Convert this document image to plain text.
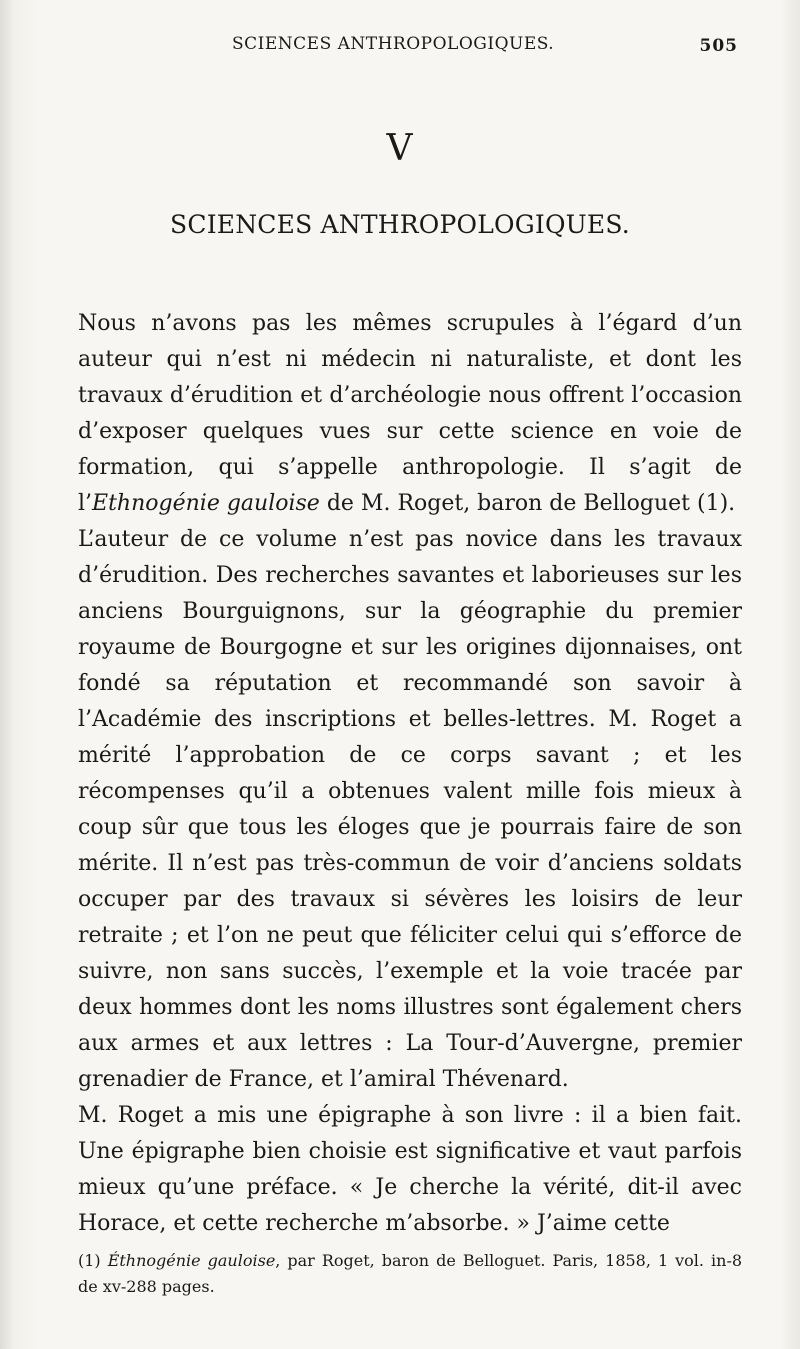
SCIENCES ANTHROPOLOGIQUES.	505
V
SCIENCES ANTHROPOLOGIQUES.

Nous n’avons pas les mêmes scrupules à l’égard d’un auteur qui n’est ni médecin ni naturaliste, et dont les travaux d’érudition et d’archéologie nous offrent l’occasion d’exposer quelques vues sur cette science en voie de formation, qui s’appelle anthropologie. Il s’agit de l’Ethnogénie gauloise de M. Roget, baron de Belloguet (1).

L’auteur de ce volume n’est pas novice dans les travaux d’érudition. Des recherches savantes et laborieuses sur les anciens Bourguignons, sur la géographie du premier royaume de Bourgogne et sur les origines dijonnaises, ont fondé sa réputation et recommandé son savoir à l’Académie des inscriptions et belles-lettres. M. Roget a mérité l’approbation de ce corps savant ; et les récompenses qu’il a obtenues valent mille fois mieux à coup sûr que tous les éloges que je pourrais faire de son mérite. Il n’est pas très-commun de voir d’anciens soldats occuper par des travaux si sévères les loisirs de leur retraite ; et l’on ne peut que féliciter celui qui s’efforce de suivre, non sans succès, l’exemple et la voie tracée par deux hommes dont les noms illustres sont également chers aux armes et aux lettres : La Tour-d’Auvergne, premier grenadier de France, et l’amiral Thévenard.

M. Roget a mis une épigraphe à son livre : il a bien fait. Une épigraphe bien choisie est significative et vaut parfois mieux qu’une préface. « Je cherche la vérité, dit-il avec Horace, et cette recherche m’absorbe. » J’aime cette

(1) Éthnogénie gauloise, par Roget, baron de Belloguet. Paris, 1858, 1 vol. in-8 de xv-288 pages.
